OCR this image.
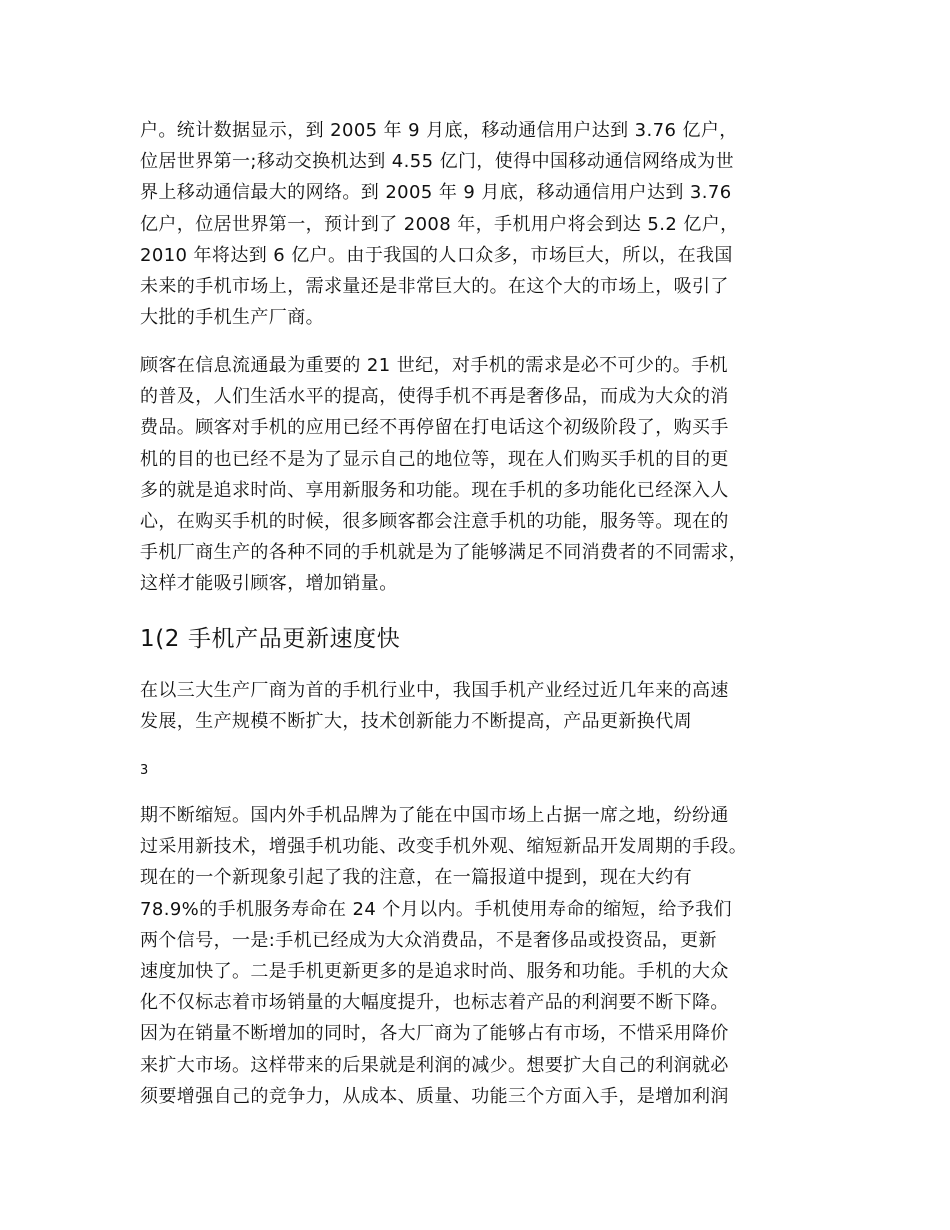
户。统计数据显示，到 2005 年 9 月底，移动通信用户达到 3.76 亿户，
位居世界第一;移动交换机达到 4.55 亿门，使得中国移动通信网络成为世
界上移动通信最大的网络。到 2005 年 9 月底，移动通信用户达到 3.76
亿户，位居世界第一，预计到了 2008 年，手机用户将会到达 5.2 亿户，
2010 年将达到 6 亿户。由于我国的人口众多，市场巨大，所以，在我国
未来的手机市场上，需求量还是非常巨大的。在这个大的市场上，吸引了
大批的手机生产厂商。
顾客在信息流通最为重要的 21 世纪，对手机的需求是必不可少的。手机
的普及，人们生活水平的提高，使得手机不再是奢侈品，而成为大众的消
费品。顾客对手机的应用已经不再停留在打电话这个初级阶段了，购买手
机的目的也已经不是为了显示自己的地位等，现在人们购买手机的目的更
多的就是追求时尚、享用新服务和功能。现在手机的多功能化已经深入人
心，在购买手机的时候，很多顾客都会注意手机的功能，服务等。现在的
手机厂商生产的各种不同的手机就是为了能够满足不同消费者的不同需求，
这样才能吸引顾客，增加销量。
1(2 手机产品更新速度快
在以三大生产厂商为首的手机行业中，我国手机产业经过近几年来的高速
发展，生产规模不断扩大，技术创新能力不断提高，产品更新换代周
3
期不断缩短。国内外手机品牌为了能在中国市场上占据一席之地，纷纷通
过采用新技术，增强手机功能、改变手机外观、缩短新品开发周期的手段。
现在的一个新现象引起了我的注意，在一篇报道中提到，现在大约有
78.9%的手机服务寿命在 24 个月以内。手机使用寿命的缩短，给予我们
两个信号，一是:手机已经成为大众消费品，不是奢侈品或投资品，更新
速度加快了。二是手机更新更多的是追求时尚、服务和功能。手机的大众
化不仅标志着市场销量的大幅度提升，也标志着产品的利润要不断下降。
因为在销量不断增加的同时，各大厂商为了能够占有市场，不惜采用降价
来扩大市场。这样带来的后果就是利润的减少。想要扩大自己的利润就必
须要增强自己的竞争力，从成本、质量、功能三个方面入手，是增加利润
